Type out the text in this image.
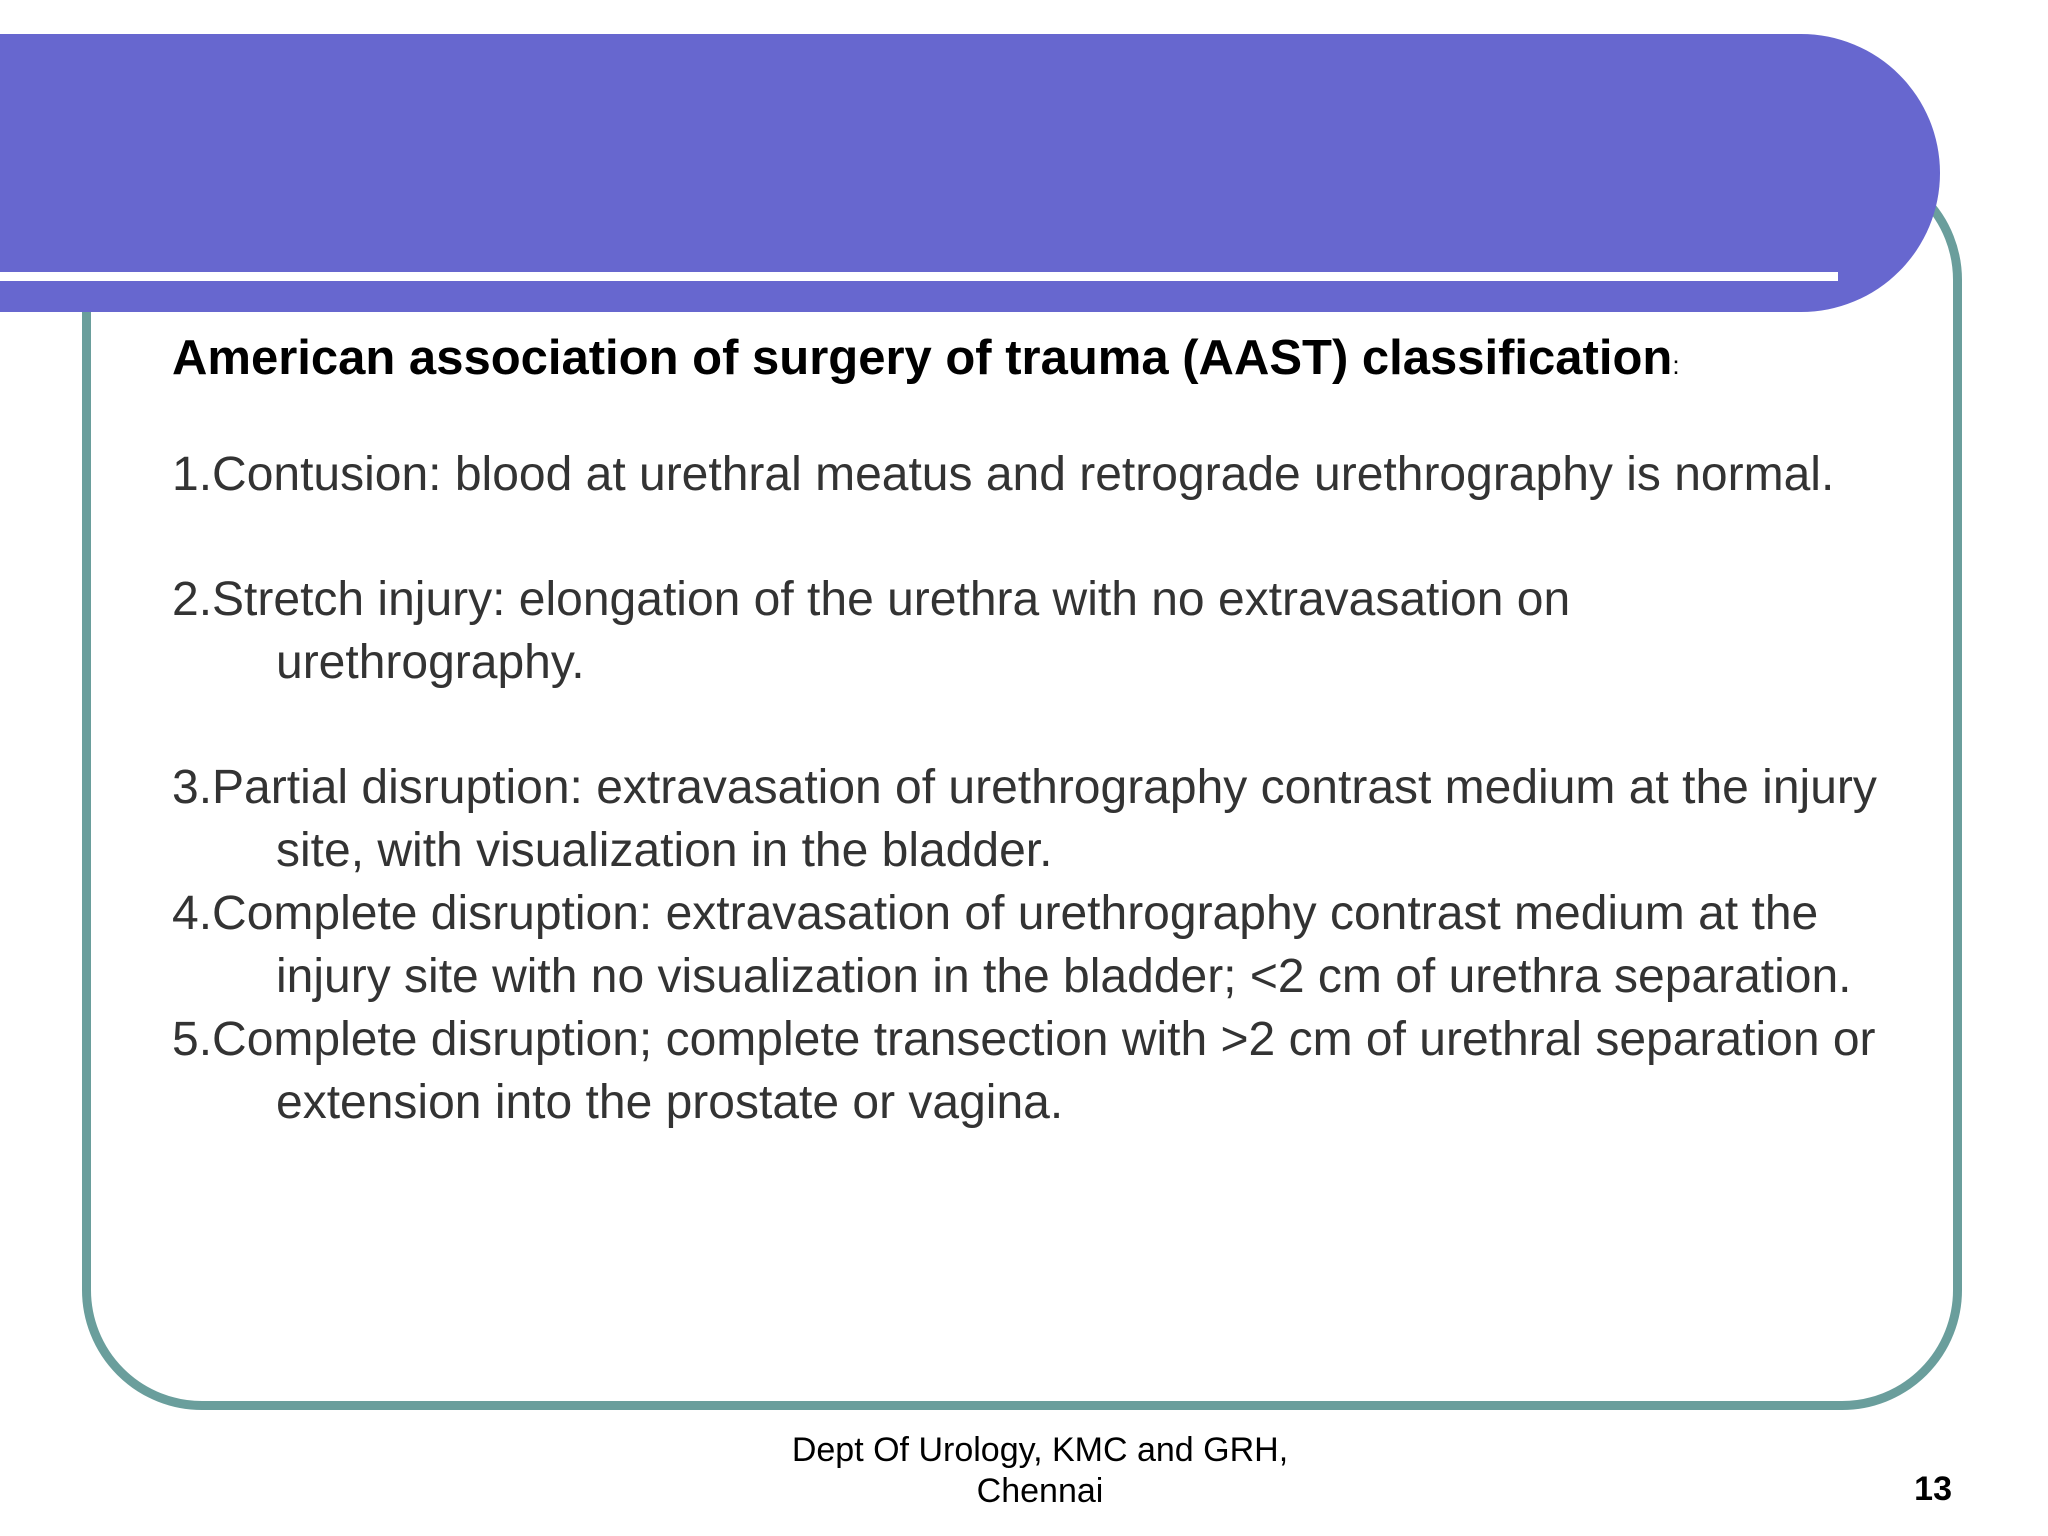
American association of surgery of trauma (AAST) classification:

1.Contusion: blood at urethral meatus and retrograde urethrography is normal.

2.Stretch injury: elongation of the urethra with no extravasation on urethrography.

3.Partial disruption: extravasation of urethrography contrast medium at the injury site, with visualization in the bladder.

4.Complete disruption: extravasation of urethrography contrast medium at the injury site with no visualization in the bladder; <2 cm of urethra separation.

5.Complete disruption; complete transection with >2 cm of urethral separation or extension into the prostate or vagina.

Dept Of Urology, KMC and GRH,
Chennai	13
